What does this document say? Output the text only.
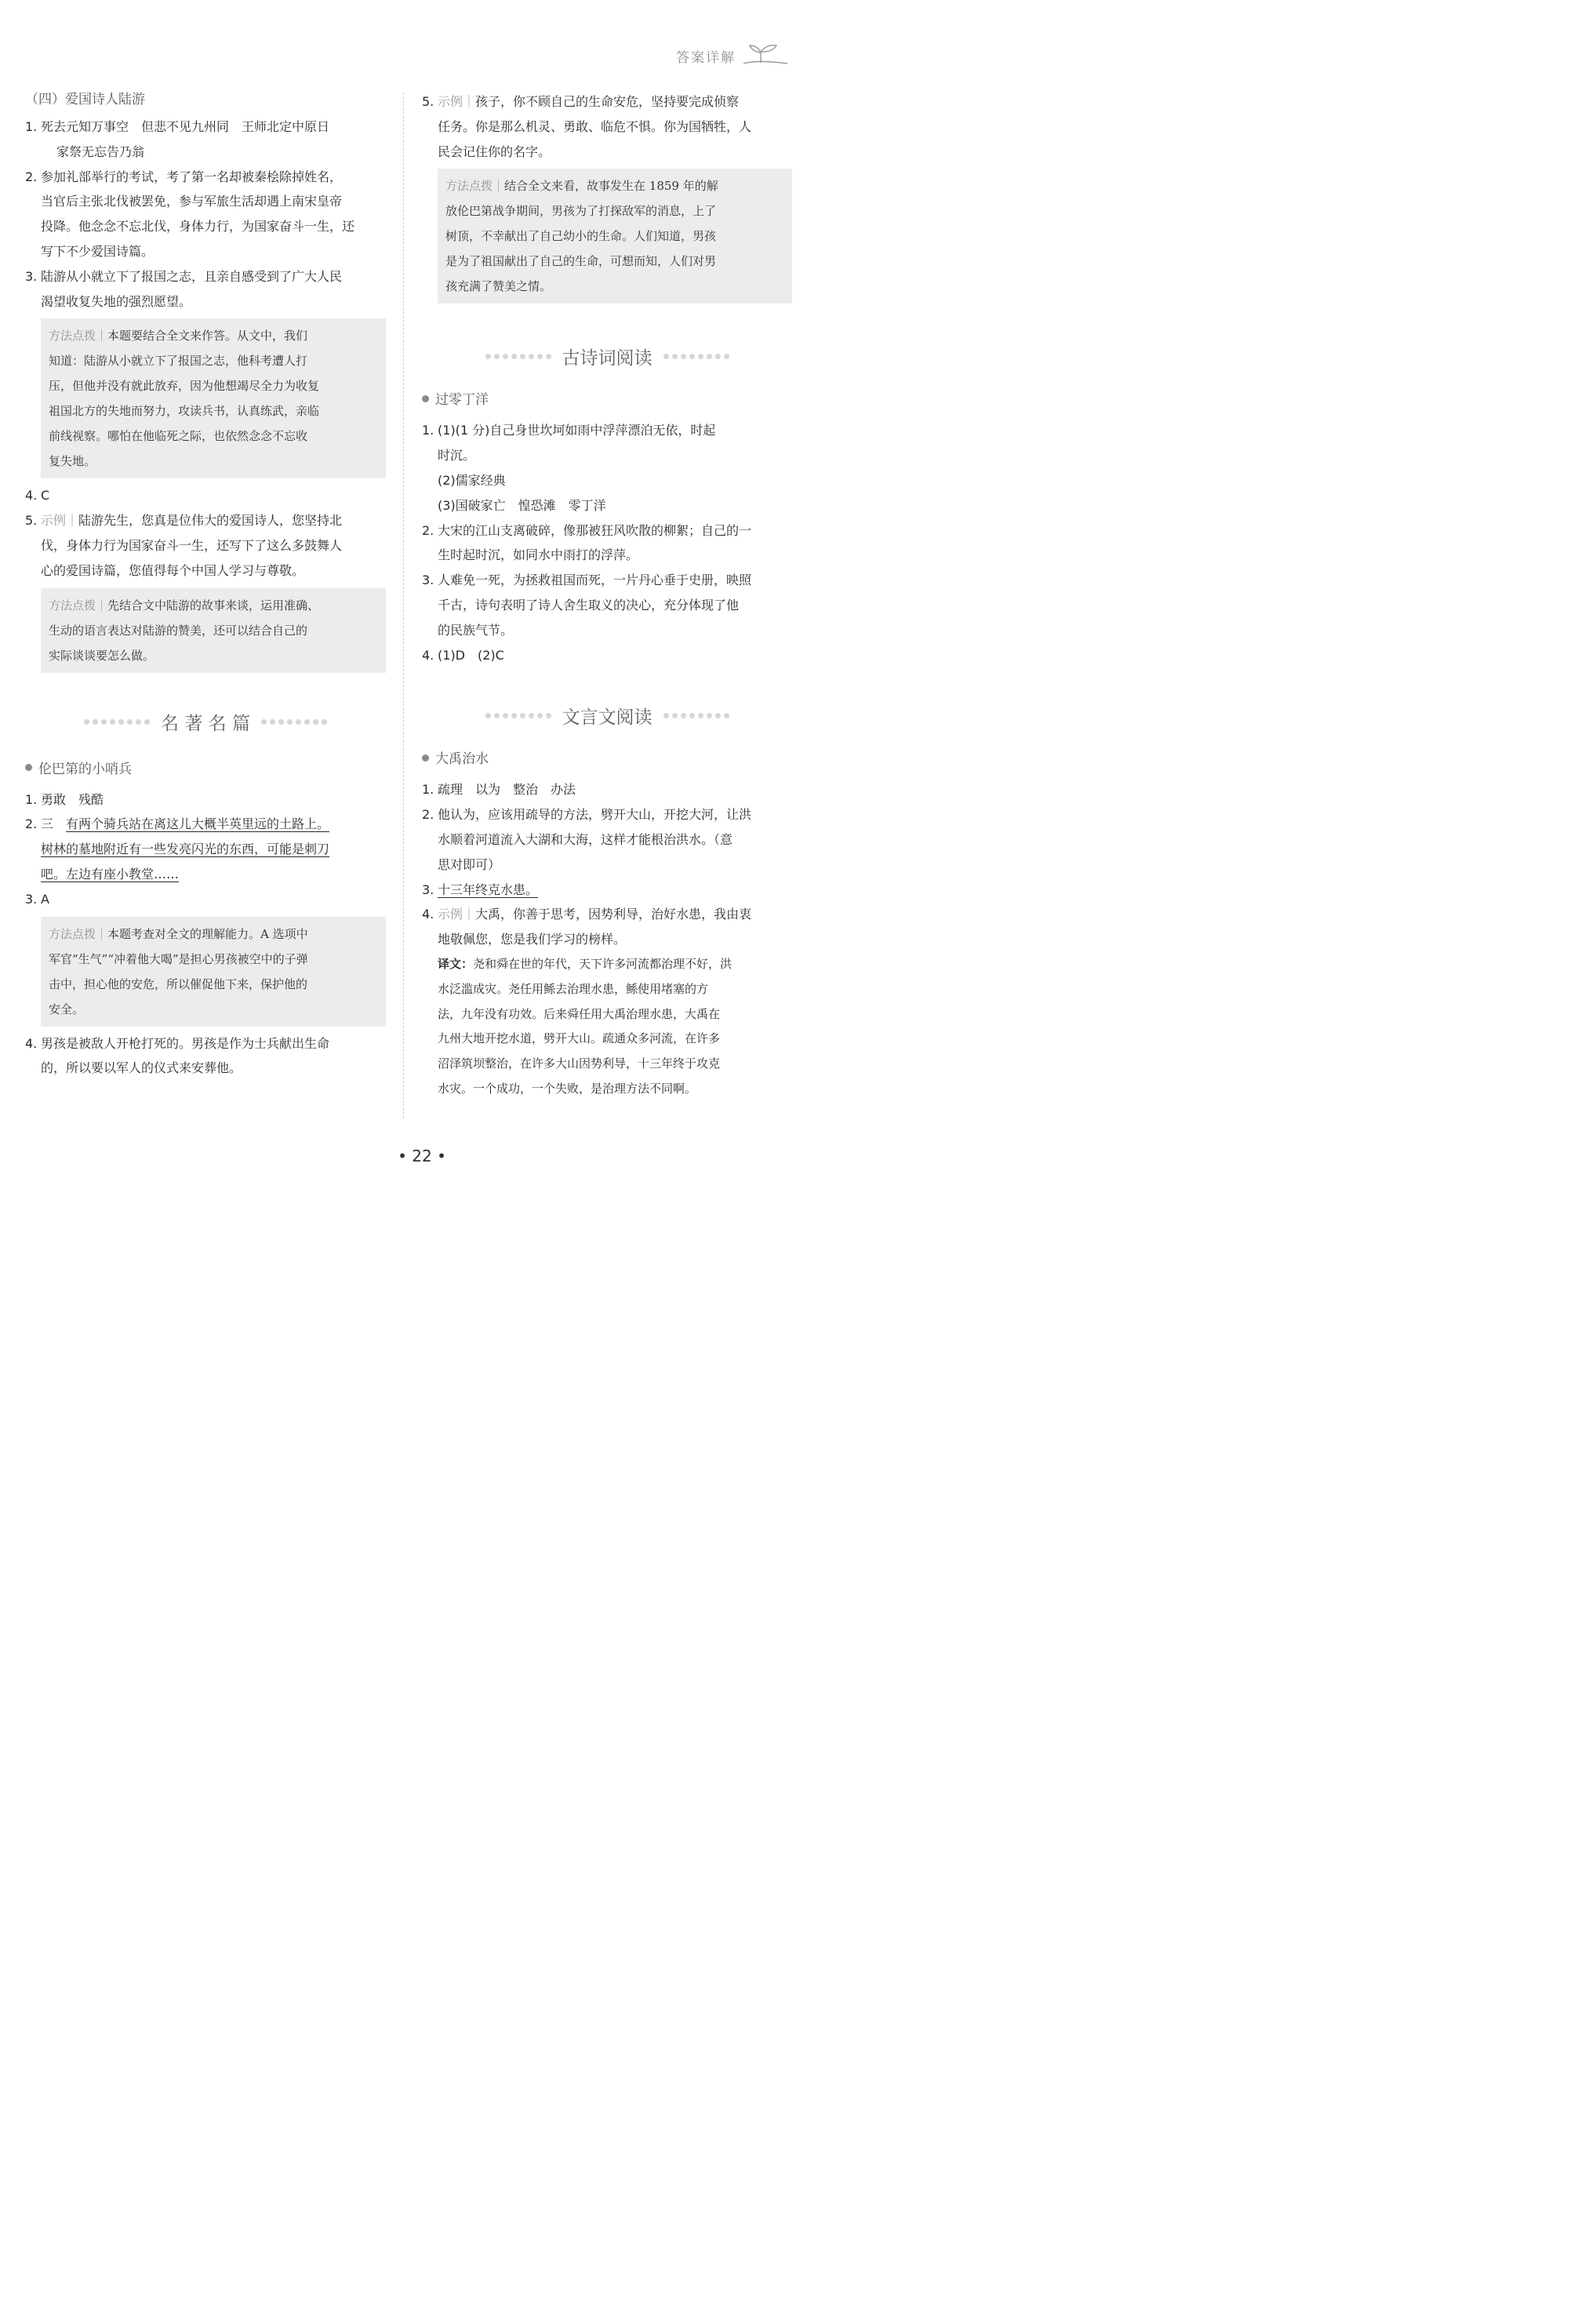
答案详解
（四）爱国诗人陆游
1. 死去元知万事空　但悲不见九州同　王师北定中原日
家祭无忘告乃翁
2. 参加礼部举行的考试，考了第一名却被秦桧除掉姓名，
当官后主张北伐被罢免，参与军旅生活却遇上南宋皇帝
投降。他念念不忘北伐，身体力行，为国家奋斗一生，还
写下不少爱国诗篇。
3. 陆游从小就立下了报国之志，且亲自感受到了广大人民
渴望收复失地的强烈愿望。
方法点拨｜本题要结合全文来作答。从文中，我们
知道：陆游从小就立下了报国之志，他科考遭人打
压，但他并没有就此放弃，因为他想竭尽全力为收复
祖国北方的失地而努力，攻读兵书，认真练武，亲临
前线视察。哪怕在他临死之际，也依然念念不忘收
复失地。
4. C
5. 示例｜陆游先生，您真是位伟大的爱国诗人，您坚持北
伐，身体力行为国家奋斗一生，还写下了这么多鼓舞人
心的爱国诗篇，您值得每个中国人学习与尊敬。
方法点拨｜先结合文中陆游的故事来谈，运用准确、
生动的语言表达对陆游的赞美，还可以结合自己的
实际谈谈要怎么做。
名 著 名 篇
伦巴第的小哨兵
1. 勇敢　残酷
2. 三　有两个骑兵站在离这儿大概半英里远的土路上。
树林的墓地附近有一些发亮闪光的东西，可能是刺刀
吧。左边有座小教堂……
3. A
方法点拨｜本题考查对全文的理解能力。A 选项中
军官“生气”“冲着他大喝”是担心男孩被空中的子弹
击中，担心他的安危，所以催促他下来，保护他的
安全。
4. 男孩是被敌人开枪打死的。男孩是作为士兵献出生命
的，所以要以军人的仪式来安葬他。
5. 示例｜孩子，你不顾自己的生命安危，坚持要完成侦察
任务。你是那么机灵、勇敢、临危不惧。你为国牺牲，人
民会记住你的名字。
方法点拨｜结合全文来看，故事发生在 1859 年的解
放伦巴第战争期间，男孩为了打探敌军的消息，上了
树顶，不幸献出了自己幼小的生命。人们知道，男孩
是为了祖国献出了自己的生命，可想而知，人们对男
孩充满了赞美之情。
古诗词阅读
过零丁洋
1. (1)(1 分)自己身世坎坷如雨中浮萍漂泊无依，时起
时沉。
(2)儒家经典
(3)国破家亡　惶恐滩　零丁洋
2. 大宋的江山支离破碎，像那被狂风吹散的柳絮；自己的一
生时起时沉，如同水中雨打的浮萍。
3. 人难免一死，为拯救祖国而死，一片丹心垂于史册，映照
千古，诗句表明了诗人舍生取义的决心，充分体现了他
的民族气节。
4. (1)D　(2)C
文言文阅读
大禹治水
1. 疏理　以为　整治　办法
2. 他认为，应该用疏导的方法，劈开大山，开挖大河，让洪
水顺着河道流入大湖和大海，这样才能根治洪水。（意
思对即可）
3. 十三年终克水患。
4. 示例｜大禹，你善于思考，因势利导，治好水患，我由衷
地敬佩您，您是我们学习的榜样。
译文：尧和舜在世的年代，天下许多河流都治理不好，洪
水泛滥成灾。尧任用鲧去治理水患，鲧使用堵塞的方
法，九年没有功效。后来舜任用大禹治理水患，大禹在
九州大地开挖水道，劈开大山。疏通众多河流，在许多
沼泽筑坝整治，在许多大山因势利导，十三年终于攻克
水灾。一个成功，一个失败，是治理方法不同啊。
• 22 •
